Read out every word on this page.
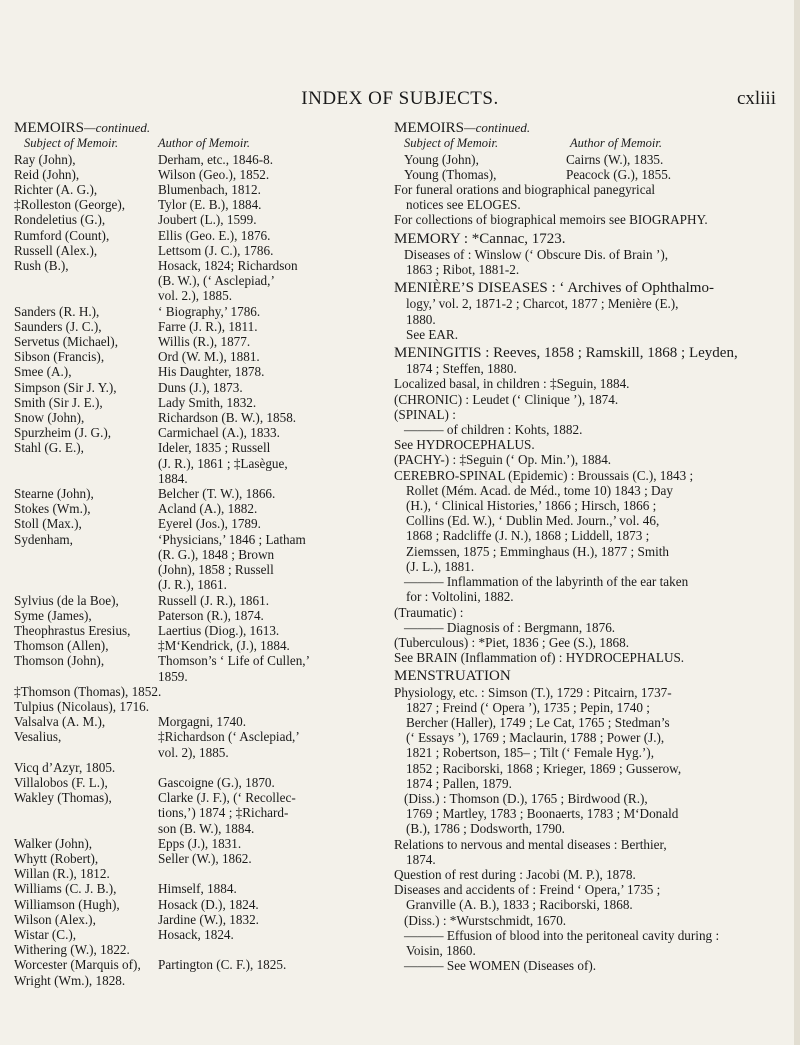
INDEX OF SUBJECTS.	cxliii
MEMOIRS—continued.
Subject of Memoir.	Author of Memoir.
Ray (John),	Derham, etc., 1846-8.
Reid (John),	Wilson (Geo.), 1852.
Richter (A. G.),	Blumenbach, 1812.
‡Rolleston (George),	Tylor (E. B.), 1884.
Rondeletius (G.),	Joubert (L.), 1599.
Rumford (Count),	Ellis (Geo. E.), 1876.
Russell (Alex.),	Lettsom (J. C.), 1786.
Rush (B.),	Hosack, 1824; Richardson
(B. W.), (‘ Asclepiad,’
vol. 2.), 1885.
Sanders (R. H.),	‘ Biography,’ 1786.
Saunders (J. C.),	Farre (J. R.), 1811.
Servetus (Michael),	Willis (R.), 1877.
Sibson (Francis),	Ord (W. M.), 1881.
Smee (A.),	His Daughter, 1878.
Simpson (Sir J. Y.),	Duns (J.), 1873.
Smith (Sir J. E.),	Lady Smith, 1832.
Snow (John),	Richardson (B. W.), 1858.
Spurzheim (J. G.),	Carmichael (A.), 1833.
Stahl (G. E.),	Ideler, 1835 ; Russell
(J. R.), 1861 ; ‡Lasègue,
1884.
Stearne (John),	Belcher (T. W.), 1866.
Stokes (Wm.),	Acland (A.), 1882.
Stoll (Max.),	Eyerel (Jos.), 1789.
Sydenham,	‘Physicians,’ 1846 ; Latham
(R. G.), 1848 ; Brown
(John), 1858 ; Russell
(J. R.), 1861.
Sylvius (de la Boe),	Russell (J. R.), 1861.
Syme (James),	Paterson (R.), 1874.
Theophrastus Eresius,	Laertius (Diog.), 1613.
Thomson (Allen),	‡M‘Kendrick, (J.), 1884.
Thomson (John),	Thomson’s ‘ Life of Cullen,’
1859.
‡Thomson (Thomas), 1852.
Tulpius (Nicolaus), 1716.
Valsalva (A. M.),	Morgagni, 1740.
Vesalius,	‡Richardson (‘ Asclepiad,’
vol. 2), 1885.
Vicq d’Azyr, 1805.
Villalobos (F. L.),	Gascoigne (G.), 1870.
Wakley (Thomas),	Clarke (J. F.), (‘ Recollec-
tions,’) 1874 ; ‡Richard-
son (B. W.), 1884.
Walker (John),	Epps (J.), 1831.
Whytt (Robert),	Seller (W.), 1862.
Willan (R.), 1812.
Williams (C. J. B.),	Himself, 1884.
Williamson (Hugh),	Hosack (D.), 1824.
Wilson (Alex.),	Jardine (W.), 1832.
Wistar (C.),	Hosack, 1824.
Withering (W.), 1822.
Worcester (Marquis of),	Partington (C. F.), 1825.
Wright (Wm.), 1828.
MEMOIRS—continued.
Subject of Memoir.	Author of Memoir.
Young (John),	Cairns (W.), 1835.
Young (Thomas),	Peacock (G.), 1855.
For funeral orations and biographical panegyrical
notices see ELOGES.
For collections of biographical memoirs see BIOGRAPHY.
MEMORY : *Cannac, 1723.
Diseases of : Winslow (‘ Obscure Dis. of Brain ’),
1863 ; Ribot, 1881-2.
MENIÈRE’S DISEASES : ‘ Archives of Ophthalmo-
logy,’ vol. 2, 1871-2 ; Charcot, 1877 ; Menière (E.),
1880.
See EAR.
MENINGITIS : Reeves, 1858 ; Ramskill, 1868 ; Leyden,
1874 ; Steffen, 1880.
Localized basal, in children : ‡Seguin, 1884.
(CHRONIC) : Leudet (‘ Clinique ’), 1874.
(SPINAL) :
——— of children : Kohts, 1882.
See HYDROCEPHALUS.
(PACHY-) : ‡Seguin (‘ Op. Min.’), 1884.
CEREBRO-SPINAL (Epidemic) : Broussais (C.), 1843 ;
Rollet (Mém. Acad. de Méd., tome 10) 1843 ; Day
(H.), ‘ Clinical Histories,’ 1866 ; Hirsch, 1866 ;
Collins (Ed. W.), ‘ Dublin Med. Journ.,’ vol. 46,
1868 ; Radcliffe (J. N.), 1868 ; Liddell, 1873 ;
Ziemssen, 1875 ; Emminghaus (H.), 1877 ; Smith
(J. L.), 1881.
——— Inflammation of the labyrinth of the ear taken
for : Voltolini, 1882.
(Traumatic) :
——— Diagnosis of : Bergmann, 1876.
(Tuberculous) : *Piet, 1836 ; Gee (S.), 1868.
See BRAIN (Inflammation of) : HYDROCEPHALUS.
MENSTRUATION
Physiology, etc. : Simson (T.), 1729 : Pitcairn, 1737-
1827 ; Freind (‘ Opera ’), 1735 ; Pepin, 1740 ;
Bercher (Haller), 1749 ; Le Cat, 1765 ; Stedman’s
(‘ Essays ’), 1769 ; Maclaurin, 1788 ; Power (J.),
1821 ; Robertson, 185– ; Tilt (‘ Female Hyg.’),
1852 ; Raciborski, 1868 ; Krieger, 1869 ; Gusserow,
1874 ; Pallen, 1879.
(Diss.) : Thomson (D.), 1765 ; Birdwood (R.),
1769 ; Martley, 1783 ; Boonaerts, 1783 ; M‘Donald
(B.), 1786 ; Dodsworth, 1790.
Relations to nervous and mental diseases : Berthier,
1874.
Question of rest during : Jacobi (M. P.), 1878.
Diseases and accidents of : Freind ‘ Opera,’ 1735 ;
Granville (A. B.), 1833 ; Raciborski, 1868.
(Diss.) : *Wurstschmidt, 1670.
——— Effusion of blood into the peritoneal cavity during :
Voisin, 1860.
——— See WOMEN (Diseases of).
